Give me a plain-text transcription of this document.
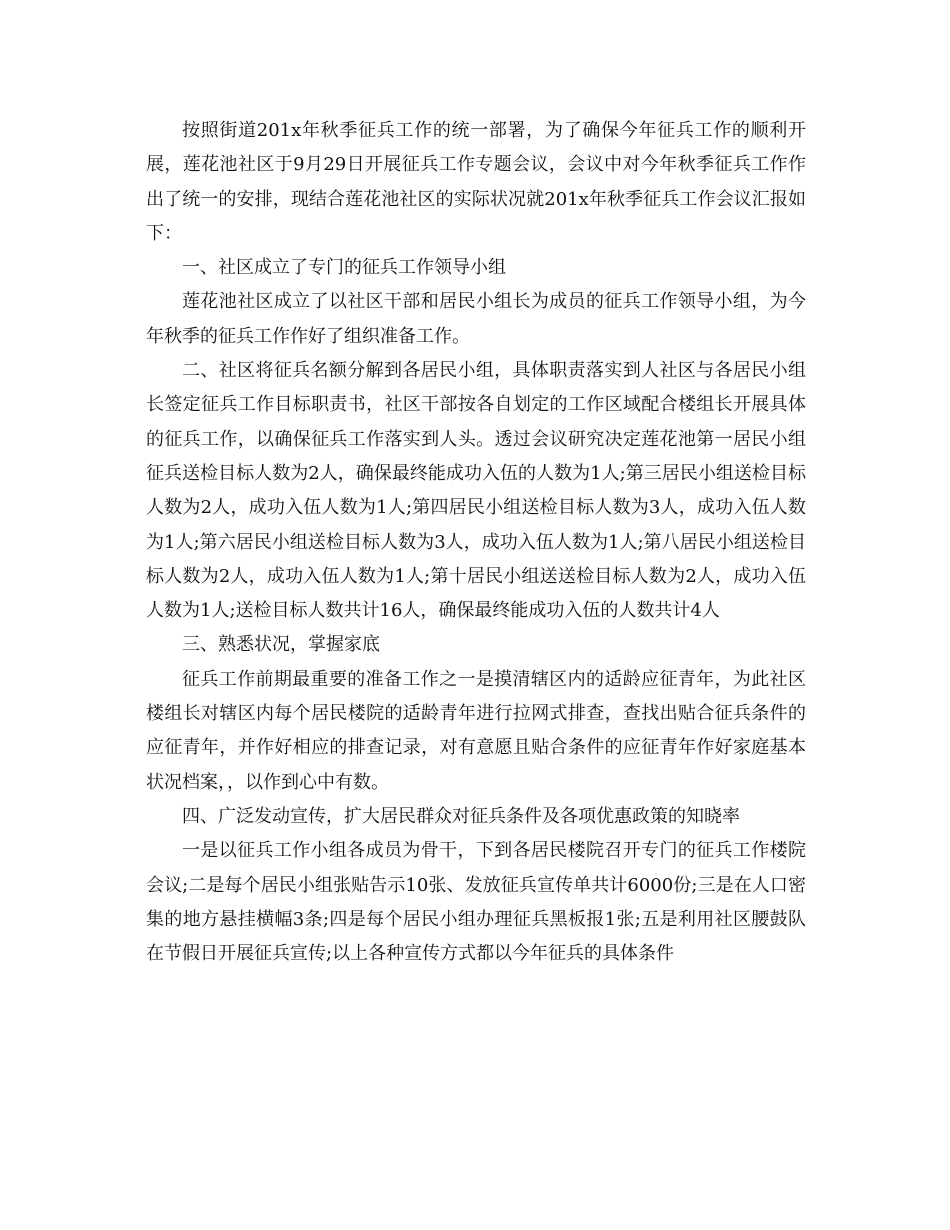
按照街道201x年秋季征兵工作的统一部署，为了确保今年征兵工作的顺利开展，莲花池社区于9月29日开展征兵工作专题会议，会议中对今年秋季征兵工作作出了统一的安排，现结合莲花池社区的实际状况就201x年秋季征兵工作会议汇报如下：

一、社区成立了专门的征兵工作领导小组

莲花池社区成立了以社区干部和居民小组长为成员的征兵工作领导小组，为今年秋季的征兵工作作好了组织准备工作。

二、社区将征兵名额分解到各居民小组，具体职责落实到人社区与各居民小组长签定征兵工作目标职责书，社区干部按各自划定的工作区域配合楼组长开展具体的征兵工作，以确保征兵工作落实到人头。透过会议研究决定莲花池第一居民小组征兵送检目标人数为2人，确保最终能成功入伍的人数为1人;第三居民小组送检目标人数为2人，成功入伍人数为1人;第四居民小组送检目标人数为3人，成功入伍人数为1人;第六居民小组送检目标人数为3人，成功入伍人数为1人;第八居民小组送检目标人数为2人，成功入伍人数为1人;第十居民小组送送检目标人数为2人，成功入伍人数为1人;送检目标人数共计16人，确保最终能成功入伍的人数共计4人

三、熟悉状况，掌握家底

征兵工作前期最重要的准备工作之一是摸清辖区内的适龄应征青年，为此社区楼组长对辖区内每个居民楼院的适龄青年进行拉网式排查，查找出贴合征兵条件的应征青年，并作好相应的排查记录，对有意愿且贴合条件的应征青年作好家庭基本状况档案，，以作到心中有数。

四、广泛发动宣传，扩大居民群众对征兵条件及各项优惠政策的知晓率

一是以征兵工作小组各成员为骨干，下到各居民楼院召开专门的征兵工作楼院会议;二是每个居民小组张贴告示10张、发放征兵宣传单共计6000份;三是在人口密集的地方悬挂横幅3条;四是每个居民小组办理征兵黑板报1张;五是利用社区腰鼓队在节假日开展征兵宣传;以上各种宣传方式都以今年征兵的具体条件
